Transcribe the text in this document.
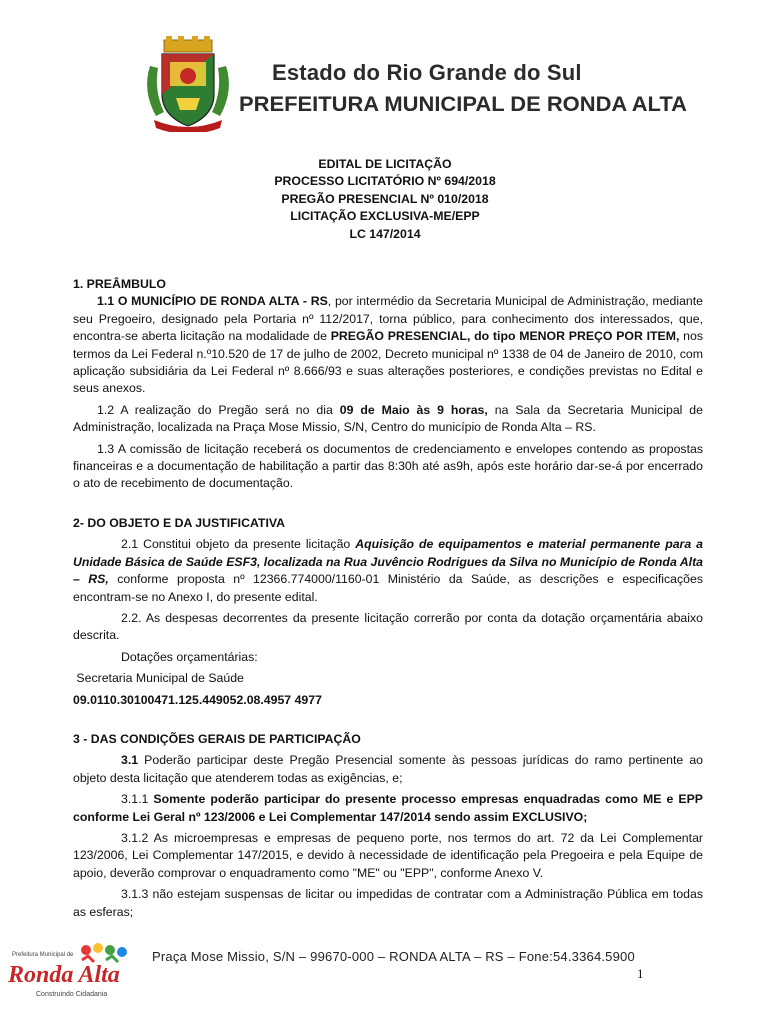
Estado do Rio Grande do Sul
PREFEITURA MUNICIPAL DE RONDA ALTA
EDITAL DE LICITAÇÃO
PROCESSO LICITATÓRIO Nº 694/2018
PREGÃO PRESENCIAL Nº 010/2018
LICITAÇÃO EXCLUSIVA-ME/EPP
LC 147/2014

1. PREÂMBULO

1.1 O MUNICÍPIO DE RONDA ALTA - RS, por intermédio da Secretaria Municipal de Administração, mediante seu Pregoeiro, designado pela Portaria nº 112/2017, torna público, para conhecimento dos interessados, que, encontra-se aberta licitação na modalidade de PREGÃO PRESENCIAL, do tipo MENOR PREÇO POR ITEM, nos termos da Lei Federal n.º10.520 de 17 de julho de 2002, Decreto municipal nº 1338 de 04 de Janeiro de 2010, com aplicação subsidiária da Lei Federal nº 8.666/93 e suas alterações posteriores, e condições previstas no Edital e seus anexos.

1.2 A realização do Pregão será no dia 09 de Maio às 9 horas, na Sala da Secretaria Municipal de Administração, localizada na Praça Mose Missio, S/N, Centro do município de Ronda Alta – RS.

1.3 A comissão de licitação receberá os documentos de credenciamento e envelopes contendo as propostas financeiras e a documentação de habilitação a partir das 8:30h até as9h, após este horário dar-se-á por encerrado o ato de recebimento de documentação.

2- DO OBJETO E DA JUSTIFICATIVA

2.1 Constitui objeto da presente licitação Aquisição de equipamentos e material permanente para a Unidade Básica de Saúde ESF3, localizada na Rua Juvêncio Rodrigues da Silva no Município de Ronda Alta – RS, conforme proposta nº 12366.774000/1160-01 Ministério da Saúde, as descrições e especificações encontram-se no Anexo I, do presente edital.

2.2. As despesas decorrentes da presente licitação correrão por conta da dotação orçamentária abaixo descrita.

Dotações orçamentárias:

Secretaria Municipal de Saúde

09.0110.30100471.125.449052.08.4957 4977

3 - DAS CONDIÇÕES GERAIS DE PARTICIPAÇÃO

3.1 Poderão participar deste Pregão Presencial somente às pessoas jurídicas do ramo pertinente ao objeto desta licitação que atenderem todas as exigências, e;

3.1.1 Somente poderão participar do presente processo empresas enquadradas como ME e EPP conforme Lei Geral nº 123/2006 e Lei Complementar 147/2014 sendo assim EXCLUSIVO;

3.1.2 As microempresas e empresas de pequeno porte, nos termos do art. 72 da Lei Complementar 123/2006, Lei Complementar 147/2015, e devido à necessidade de identificação pela Pregoeira e pela Equipe de apoio, deverão comprovar o enquadramento como "ME" ou "EPP", conforme Anexo V.

3.1.3 não estejam suspensas de licitar ou impedidas de contratar com a Administração Pública em todas as esferas;

Prefeitura Municipal de
Ronda Alta
Construindo Cidadania
Praça Mose Missio, S/N – 99670-000 – RONDA ALTA – RS – Fone:54.3364.5900
1
